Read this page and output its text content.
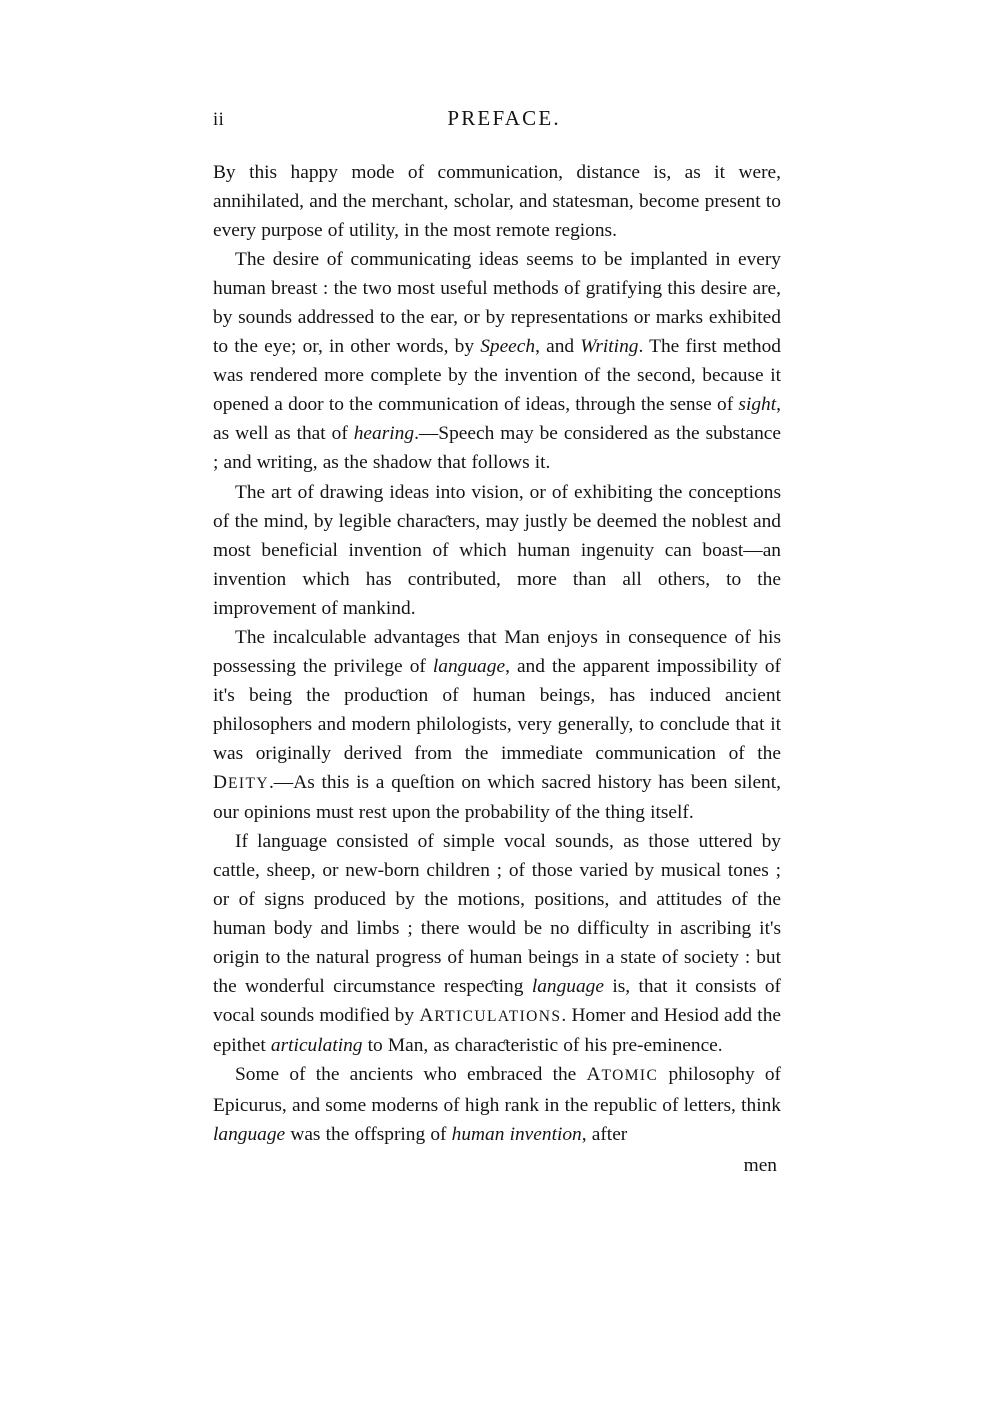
ii	PREFACE.

By this happy mode of communication, distance is, as it were, annihilated, and the merchant, scholar, and statesman, become present to every purpose of utility, in the most remote regions.

The desire of communicating ideas seems to be implanted in every human breast : the two most useful methods of gratifying this desire are, by sounds addressed to the ear, or by representations or marks exhibited to the eye; or, in other words, by Speech, and Writing. The first method was rendered more complete by the invention of the second, because it opened a door to the communication of ideas, through the sense of sight, as well as that of hearing.—Speech may be considered as the substance ; and writing, as the shadow that follows it.

The art of drawing ideas into vision, or of exhibiting the conceptions of the mind, by legible charaƈters, may justly be deemed the noblest and most beneficial invention of which human ingenuity can boast—an invention which has contributed, more than all others, to the improvement of mankind.

The incalculable advantages that Man enjoys in consequence of his possessing the privilege of language, and the apparent impossibility of it's being the produƈtion of human beings, has induced ancient philosophers and modern philologists, very generally, to conclude that it was originally derived from the immediate communication of the DEITY.—As this is a queſtion on which sacred history has been silent, our opinions must rest upon the probability of the thing itself.

If language consisted of simple vocal sounds, as those uttered by cattle, sheep, or new-born children ; of those varied by musical tones ; or of signs produced by the motions, positions, and attitudes of the human body and limbs ; there would be no difficulty in ascribing it's origin to the natural progress of human beings in a state of society : but the wonderful circumstance respeƈting language is, that it consists of vocal sounds modified by ARTICULATIONS. Homer and Hesiod add the epithet articulating to Man, as charaƈteristic of his pre-eminence.

Some of the ancients who embraced the ATOMIC philosophy of Epicurus, and some moderns of high rank in the republic of letters, think language was the offspring of human invention, after

men
